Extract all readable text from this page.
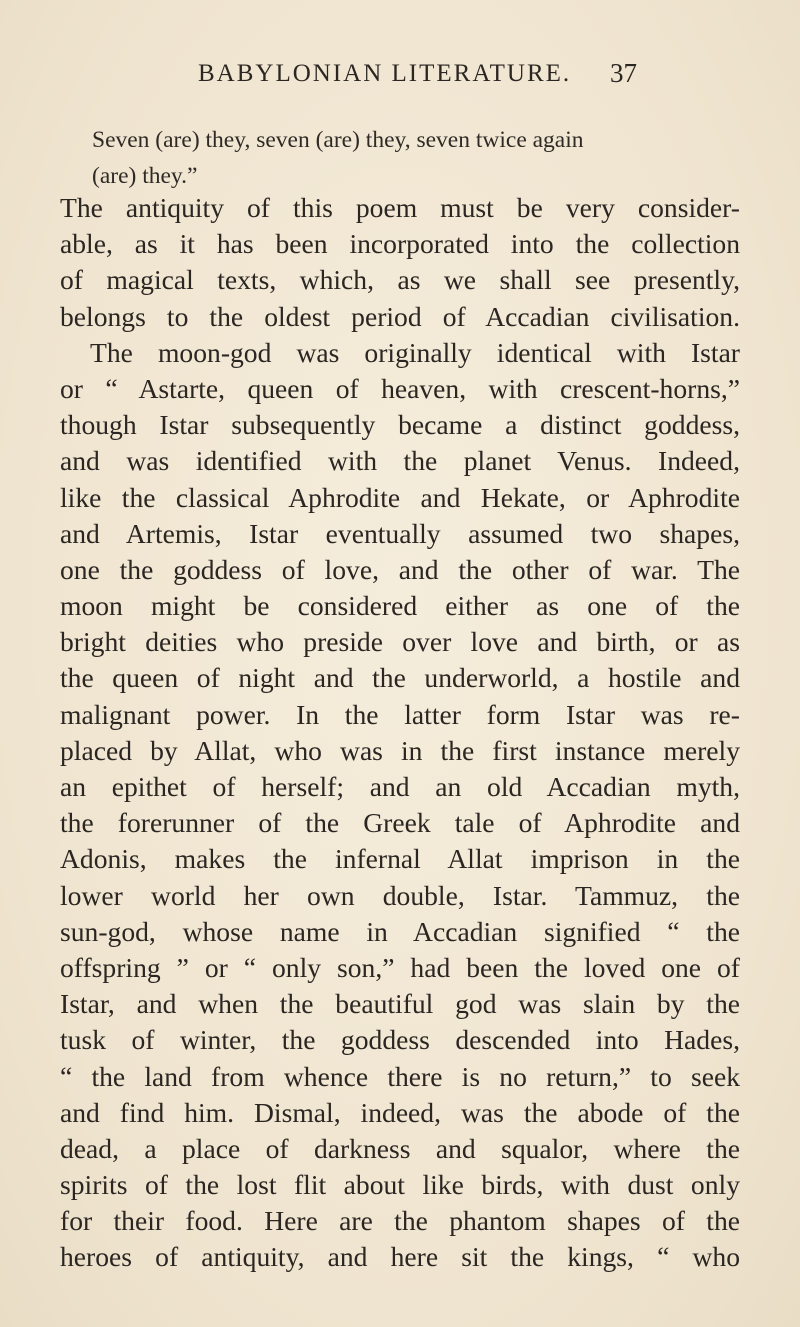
BABYLONIAN LITERATURE. 37
Seven (are) they, seven (are) they, seven twice again
(are) they.”
The antiquity of this poem must be very consider-
able, as it has been incorporated into the collection
of magical texts, which, as we shall see presently,
belongs to the oldest period of Accadian civilisation.
The moon-god was originally identical with Istar
or “ Astarte, queen of heaven, with crescent-horns,”
though Istar subsequently became a distinct goddess,
and was identified with the planet Venus. Indeed,
like the classical Aphrodite and Hekate, or Aphrodite
and Artemis, Istar eventually assumed two shapes,
one the goddess of love, and the other of war. The
moon might be considered either as one of the
bright deities who preside over love and birth, or as
the queen of night and the underworld, a hostile and
malignant power. In the latter form Istar was re-
placed by Allat, who was in the first instance merely
an epithet of herself; and an old Accadian myth,
the forerunner of the Greek tale of Aphrodite and
Adonis, makes the infernal Allat imprison in the
lower world her own double, Istar. Tammuz, the
sun-god, whose name in Accadian signified “ the
offspring ” or “ only son,” had been the loved one of
Istar, and when the beautiful god was slain by the
tusk of winter, the goddess descended into Hades,
“ the land from whence there is no return,” to seek
and find him. Dismal, indeed, was the abode of the
dead, a place of darkness and squalor, where the
spirits of the lost flit about like birds, with dust only
for their food. Here are the phantom shapes of the
heroes of antiquity, and here sit the kings, “ who
